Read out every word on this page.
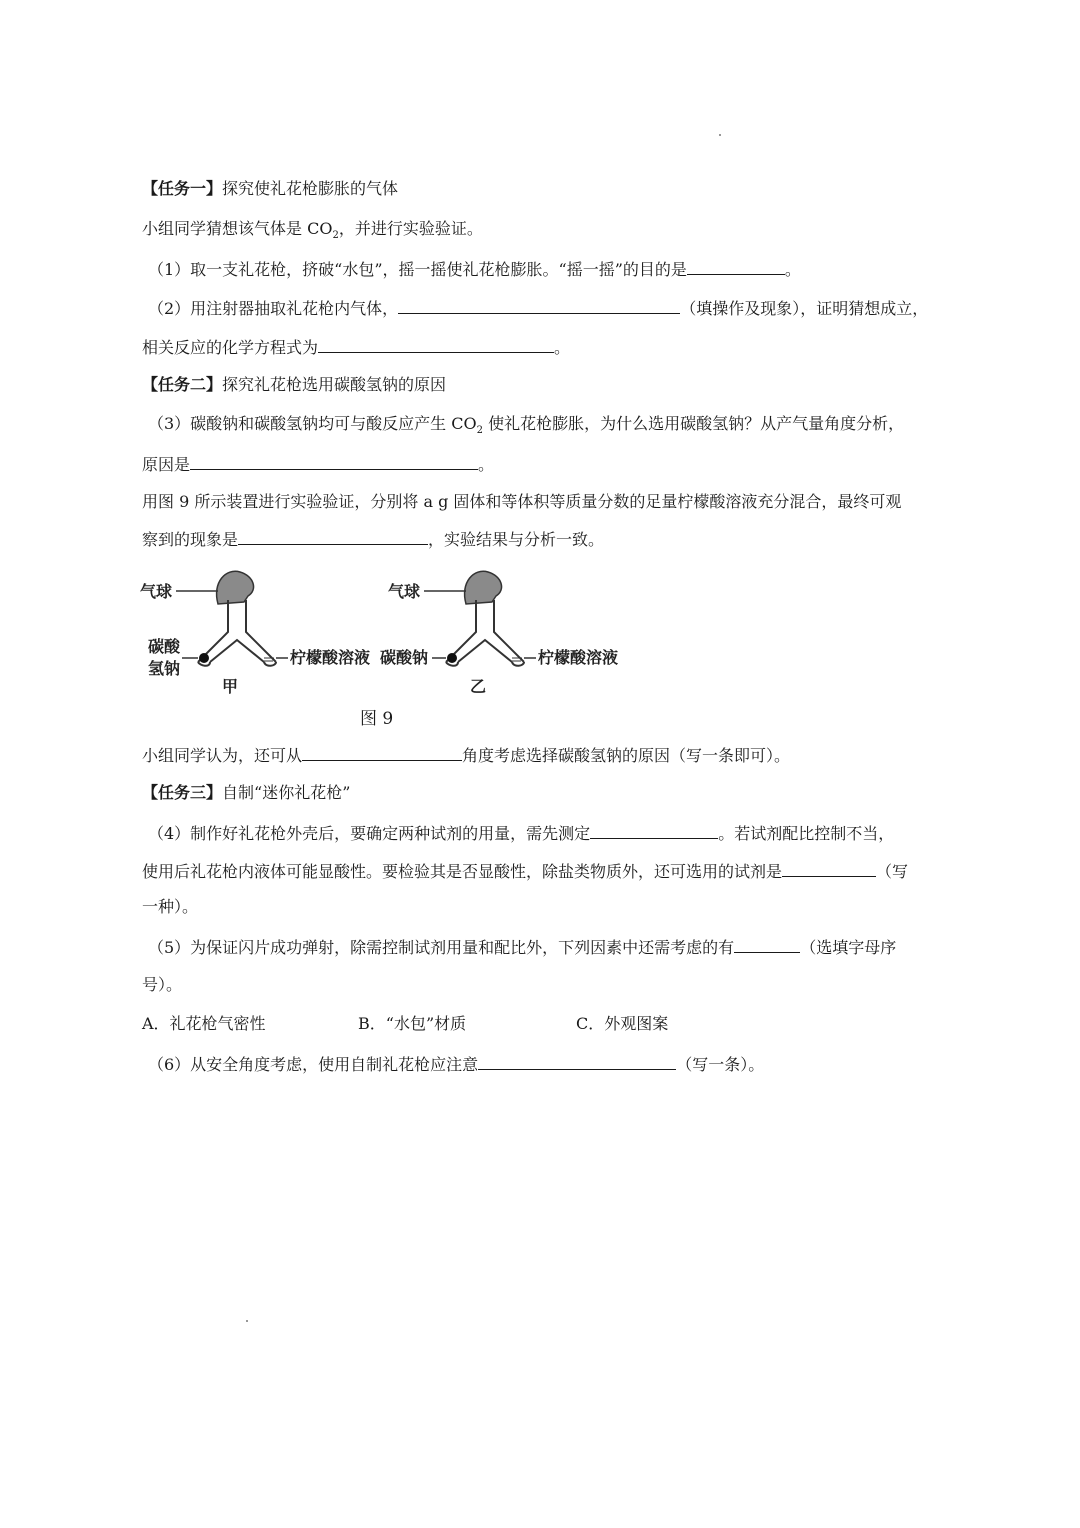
【任务一】探究使礼花枪膨胀的气体
小组同学猜想该气体是 $CO_2$，并进行实验验证。
（1）取一支礼花枪，挤破“水包”，摇一摇使礼花枪膨胀。“摇一摇”的目的是	。
（2）用注射器抽取礼花枪内气体，	（填操作及现象），证明猜想成立，
相关反应的化学方程式为	。
【任务二】探究礼花枪选用碳酸氢钠的原因
（3）碳酸钠和碳酸氢钠均可与酸反应产生 $CO_2$ 使礼花枪膨胀，为什么选用碳酸氢钠？从产气量角度分析，
原因是	。
用图 9 所示装置进行实验验证，分别将 a g 固体和等体积等质量分数的足量柠檬酸溶液充分混合，最终可观
察到的现象是	，实验结果与分析一致。
气球
碳酸
氢钠
柠檬酸溶液
甲
气球
碳酸钠	柠檬酸溶液
乙
图 9
小组同学认为，还可从	角度考虑选择碳酸氢钠的原因（写一条即可）。
【任务三】自制“迷你礼花枪”
（4）制作好礼花枪外壳后，要确定两种试剂的用量，需先测定	。若试剂配比控制不当，
使用后礼花枪内液体可能显酸性。要检验其是否显酸性，除盐类物质外，还可选用的试剂是	（写
一种）。
（5）为保证闪片成功弹射，除需控制试剂用量和配比外，下列因素中还需考虑的有	（选填字母序
号）。
A．礼花枪气密性	B．“水包”材质	C．外观图案
（6）从安全角度考虑，使用自制礼花枪应注意	（写一条）。
